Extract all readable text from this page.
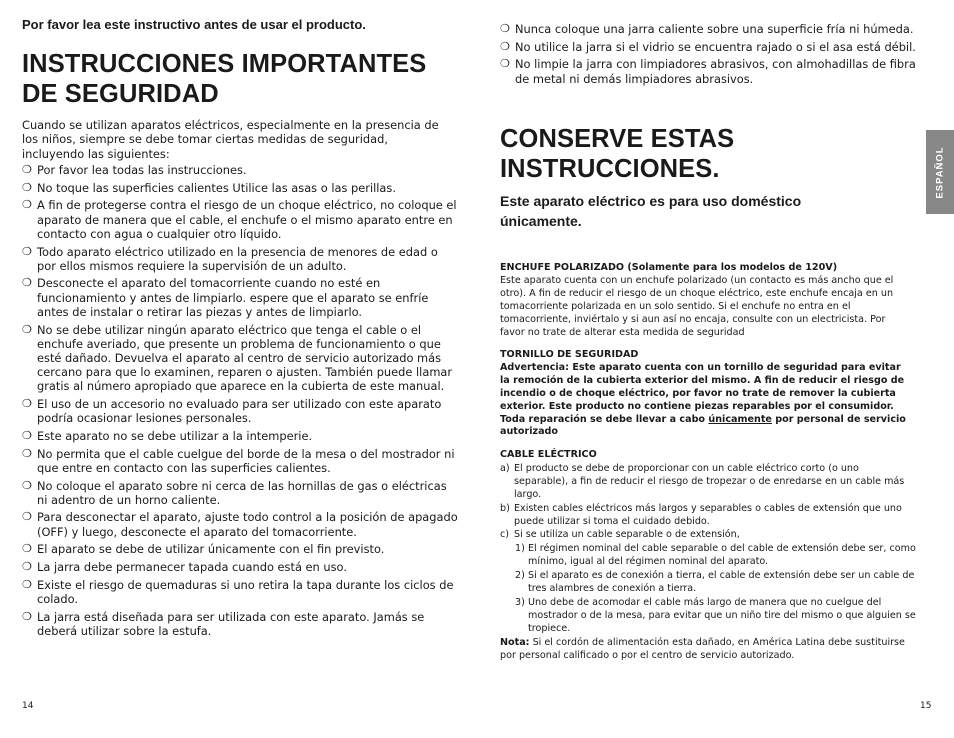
Por favor lea este instructivo antes de usar el producto.
INSTRUCCIONES IMPORTANTES
DE SEGURIDAD
Cuando se utilizan aparatos eléctricos, especialmente en la presencia de los niños, siempre se debe tomar ciertas medidas de seguridad, incluyendo las siguientes:
❍ Por favor lea todas las instrucciones.
❍ No toque las superficies calientes Utilice las asas o las perillas.
❍ A fin de protegerse contra el riesgo de un choque eléctrico, no coloque el aparato de manera que el cable, el enchufe o el mismo aparato entre en contacto con agua o cualquier otro líquido.
❍ Todo aparato eléctrico utilizado en la presencia de menores de edad o por ellos mismos requiere la supervisión de un adulto.
❍ Desconecte el aparato del tomacorriente cuando no esté en funcionamiento y antes de limpiarlo. espere que el aparato se enfríe antes de instalar o retirar las piezas y antes de limpiarlo.
❍ No se debe utilizar ningún aparato eléctrico que tenga el cable o el enchufe averiado, que presente un problema de funcionamiento o que esté dañado. Devuelva el aparato al centro de servicio autorizado más cercano para que lo examinen, reparen o ajusten. También puede llamar gratis al número apropiado que aparece en la cubierta de este manual.
❍ El uso de un accesorio no evaluado para ser utilizado con este aparato podría ocasionar lesiones personales.
❍ Este aparato no se debe utilizar a la intemperie.
❍ No permita que el cable cuelgue del borde de la mesa o del mostrador ni que entre en contacto con las superficies calientes.
❍ No coloque el aparato sobre ni cerca de las hornillas de gas o eléctricas ni adentro de un horno caliente.
❍ Para desconectar el aparato, ajuste todo control a la posición de apagado (OFF) y luego, desconecte el aparato del tomacorriente.
❍ El aparato se debe de utilizar únicamente con el fin previsto.
❍ La jarra debe permanecer tapada cuando está en uso.
❍ Existe el riesgo de quemaduras si uno retira la tapa durante los ciclos de colado.
❍ La jarra está diseñada para ser utilizada con este aparato. Jamás se deberá utilizar sobre la estufa.
14
❍ Nunca coloque una jarra caliente sobre una superficie fría ni húmeda.
❍ No utilice la jarra si el vidrio se encuentra rajado o si el asa está débil.
❍ No limpie la jarra con limpiadores abrasivos, con almohadillas de fibra de metal ni demás limpiadores abrasivos.
CONSERVE ESTAS
INSTRUCCIONES.
Este aparato eléctrico es para uso doméstico únicamente.
ENCHUFE POLARIZADO (Solamente para los modelos de 120V)
Este aparato cuenta con un enchufe polarizado (un contacto es más ancho que el otro). A fin de reducir el riesgo de un choque eléctrico, este enchufe encaja en un tomacorriente polarizada en un solo sentido. Si el enchufe no entra en el tomacorriente, inviértalo y si aun así no encaja, consulte con un electricista. Por favor no trate de alterar esta medida de seguridad
TORNILLO DE SEGURIDAD
Advertencia: Este aparato cuenta con un tornillo de seguridad para evitar la remoción de la cubierta exterior del mismo. A fin de reducir el riesgo de incendio o de choque eléctrico, por favor no trate de remover la cubierta exterior. Este producto no contiene piezas reparables por el consumidor. Toda reparación se debe llevar a cabo únicamente por personal de servicio autorizado
CABLE ELÉCTRICO
a) El producto se debe de proporcionar con un cable eléctrico corto (o uno separable), a fin de reducir el riesgo de tropezar o de enredarse en un cable más largo.
b) Existen cables eléctricos más largos y separables o cables de extensión que uno puede utilizar si toma el cuidado debido.
c) Si se utiliza un cable separable o de extensión,
1) El régimen nominal del cable separable o del cable de extensión debe ser, como mínimo, igual al del régimen nominal del aparato.
2) Si el aparato es de conexión a tierra, el cable de extensión debe ser un cable de tres alambres de conexión a tierra.
3) Uno debe de acomodar el cable más largo de manera que no cuelgue del mostrador o de la mesa, para evitar que un niño tire del mismo o que alguien se tropiece.
Nota: Si el cordón de alimentación esta dañado, en América Latina debe sustituirse por personal calificado o por el centro de servicio autorizado.
ESPAÑOL
15
